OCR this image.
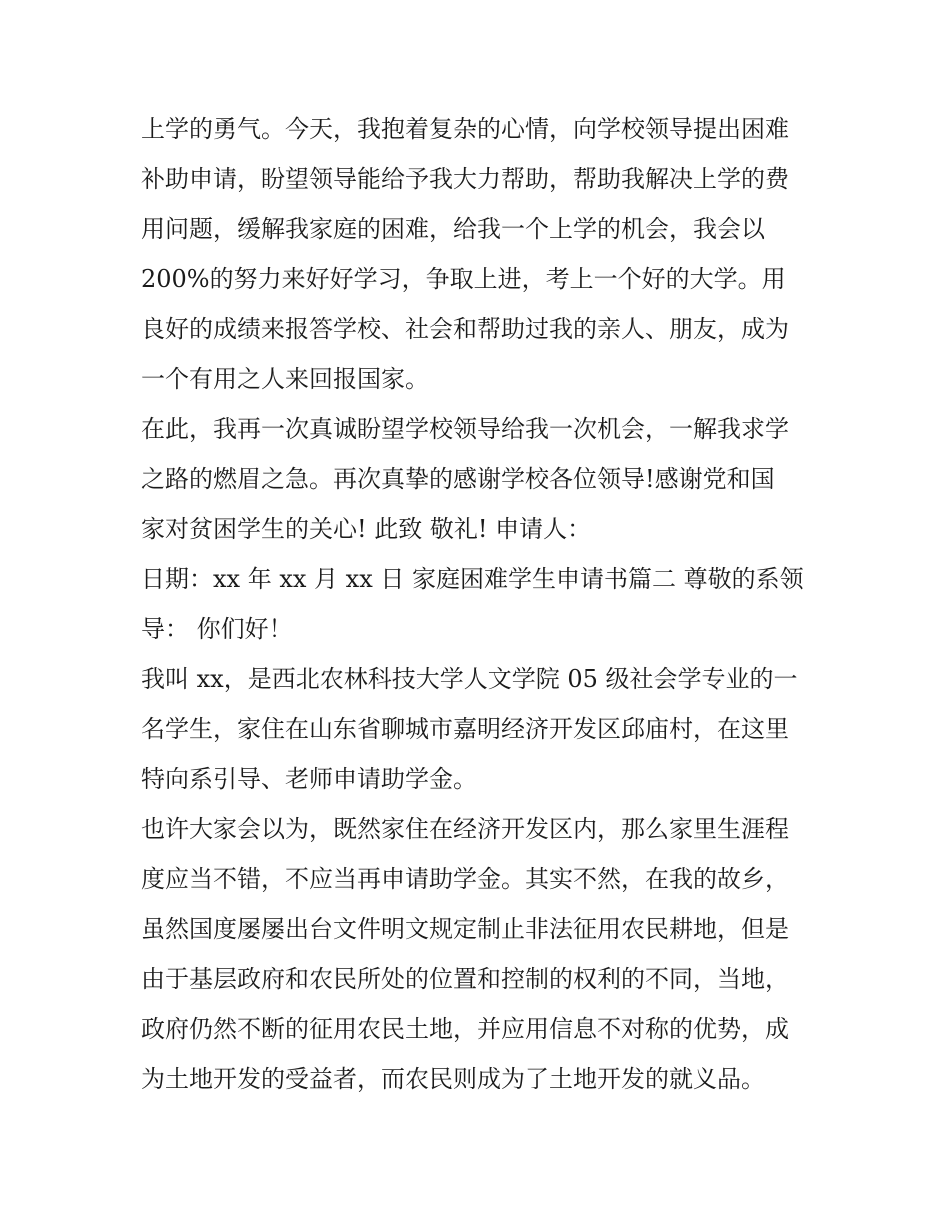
上学的勇气。今天，我抱着复杂的心情，向学校领导提出困难
补助申请，盼望领导能给予我大力帮助，帮助我解决上学的费
用问题，缓解我家庭的困难，给我一个上学的机会，我会以
200%的努力来好好学习，争取上进，考上一个好的大学。用
良好的成绩来报答学校、社会和帮助过我的亲人、朋友，成为
一个有用之人来回报国家。
在此，我再一次真诚盼望学校领导给我一次机会，一解我求学
之路的燃眉之急。再次真挚的感谢学校各位领导!感谢党和国
家对贫困学生的关心! 此致 敬礼! 申请人：
日期：xx 年 xx 月 xx 日 家庭困难学生申请书篇二 尊敬的系领
导： 你们好！
我叫 xx，是西北农林科技大学人文学院 05 级社会学专业的一
名学生，家住在山东省聊城市嘉明经济开发区邱庙村，在这里
特向系引导、老师申请助学金。
也许大家会以为，既然家住在经济开发区内，那么家里生涯程
度应当不错，不应当再申请助学金。其实不然，在我的故乡，
虽然国度屡屡出台文件明文规定制止非法征用农民耕地，但是
由于基层政府和农民所处的位置和控制的权利的不同，当地，
政府仍然不断的征用农民土地，并应用信息不对称的优势，成
为土地开发的受益者，而农民则成为了土地开发的就义品。
